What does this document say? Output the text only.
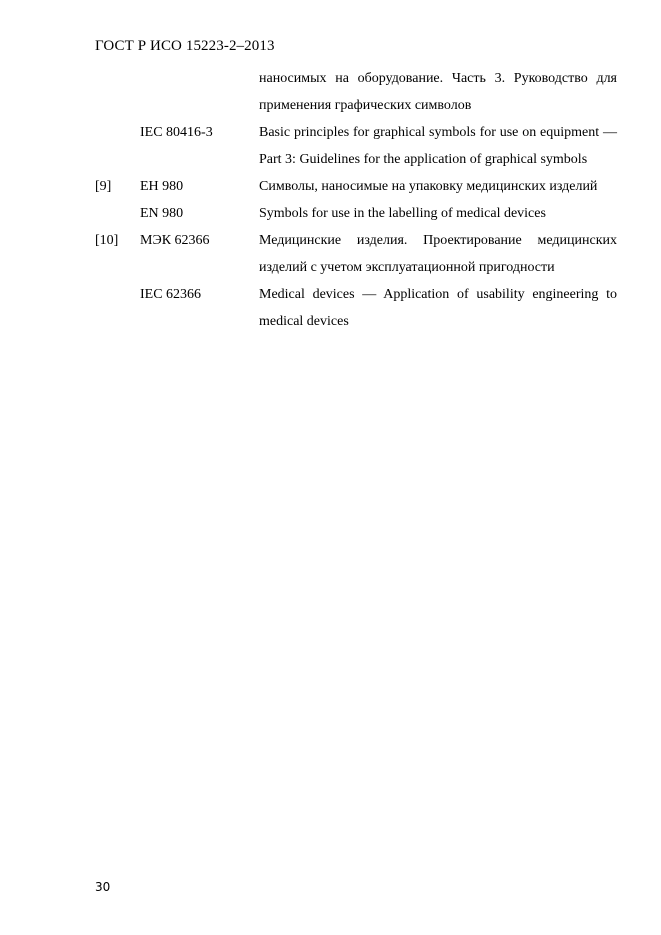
ГОСТ Р ИСО 15223-2–2013
наносимых на оборудование. Часть 3. Руководство для применения графических символов
IEC 80416-3	Basic principles for graphical symbols for use on equipment — Part 3: Guidelines for the application of graphical symbols
[9]	ЕН 980	Символы, наносимые на упаковку медицинских изделий
EN 980	Symbols for use in the labelling of medical devices
[10]	МЭК 62366	Медицинские изделия. Проектирование медицинских изделий с учетом эксплуатационной пригодности
IEC 62366	Medical devices — Application of usability engineering to medical devices
30
